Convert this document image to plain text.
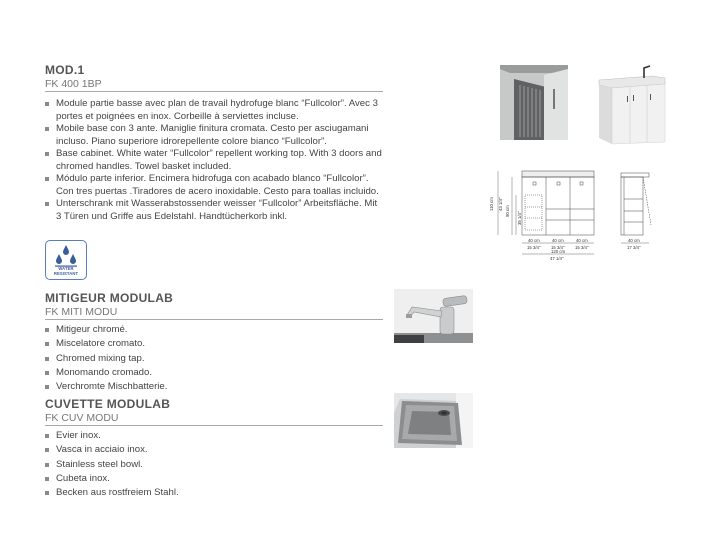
MOD.1
FK 400 1BP
Module partie basse avec plan de travail hydrofuge blanc “Fullcolor”. Avec 3 portes et poignées en inox. Corbeille à serviettes incluse.
Mobile base con 3 ante. Maniglie finitura cromata. Cesto per asciugamani incluso. Piano superiore idrorepellente colore bianco “Fullcolor”.
Base cabinet. White water “Fullcolor” repellent working top. With 3 doors and chromed handles. Towel basket included.
Módulo parte inferior. Encimera hidrofuga con acabado blanco “Fullcolor”. Con tres puertas .Tiradores de acero inoxidable. Cesto para toallas incluido.
Unterschrank mit Wasserabstossender weisser “Fullcolor” Arbeitsfläche. Mit 3 Türen und Griffe aus Edelstahl. Handtücherkorb inkl.
WATER RESISTANT
110 cm 43 1/4"
90 cm
35 1/4"
40 cm	40 cm	40 cm
15 3/4" 15 3/4" 15 3/4"
120 cm
47 1/4"
40 cm
17 3/4"
MITIGEUR MODULAB
FK MITI MODU
Mitigeur chromé.
Miscelatore cromato.
Chromed mixing tap.
Monomando cromado.
Verchromte Mischbatterie.
CUVETTE MODULAB
FK CUV MODU
Evier inox.
Vasca in acciaio inox.
Stainless steel bowl.
Cubeta inox.
Becken aus rostfreiem Stahl.
